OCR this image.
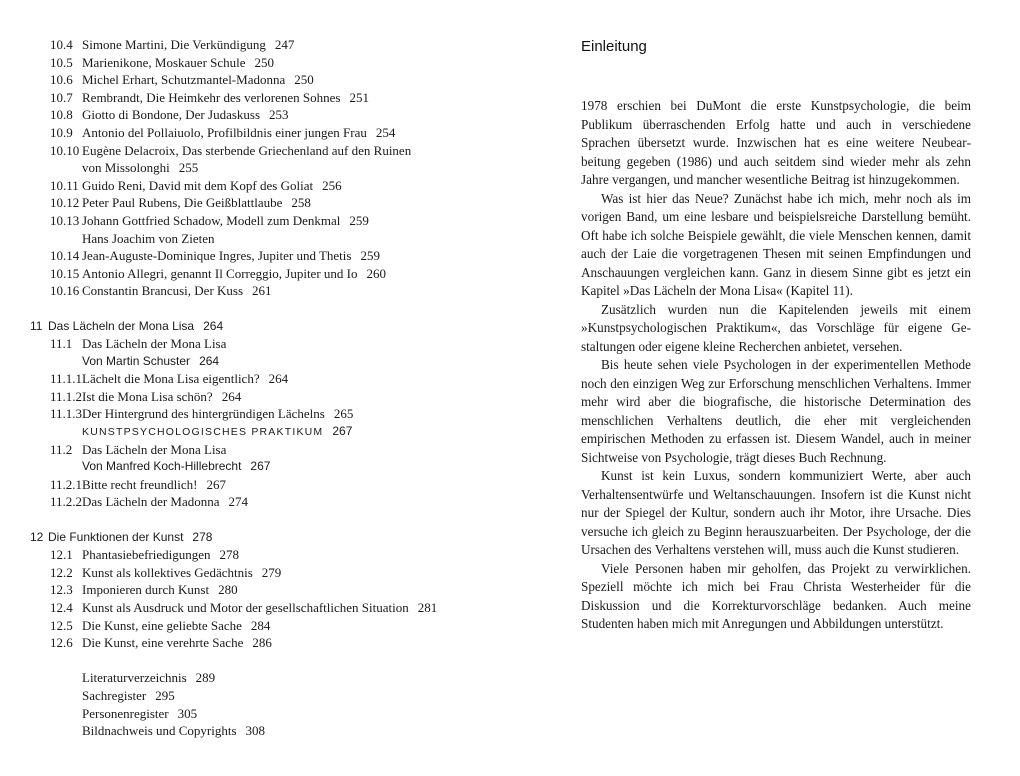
10.4 Simone Martini, Die Verkündigung 247
10.5 Marienikone, Moskauer Schule 250
10.6 Michel Erhart, Schutzmantel-Madonna 250
10.7 Rembrandt, Die Heimkehr des verlorenen Sohnes 251
10.8 Giotto di Bondone, Der Judaskuss 253
10.9 Antonio del Pollaiuolo, Profilbildnis einer jungen Frau 254
10.10 Eugène Delacroix, Das sterbende Griechenland auf den Ruinen
von Missolonghi 255
10.11 Guido Reni, David mit dem Kopf des Goliat 256
10.12 Peter Paul Rubens, Die Geißblattlaube 258
10.13 Johann Gottfried Schadow, Modell zum Denkmal 259
Hans Joachim von Zieten
10.14 Jean-Auguste-Dominique Ingres, Jupiter und Thetis 259
10.15 Antonio Allegri, genannt Il Correggio, Jupiter und Io 260
10.16 Constantin Brancusi, Der Kuss 261
11 Das Lächeln der Mona Lisa 264
11.1 Das Lächeln der Mona Lisa
Von Martin Schuster 264
11.1.1 Lächelt die Mona Lisa eigentlich? 264
11.1.2 Ist die Mona Lisa schön? 264
11.1.3 Der Hintergrund des hintergründigen Lächelns 265
KUNSTPSYCHOLOGISCHES PRAKTIKUM 267
11.2 Das Lächeln der Mona Lisa
Von Manfred Koch-Hillebrecht 267
11.2.1 Bitte recht freundlich! 267
11.2.2 Das Lächeln der Madonna 274
12 Die Funktionen der Kunst 278
12.1 Phantasiebefriedigungen 278
12.2 Kunst als kollektives Gedächtnis 279
12.3 Imponieren durch Kunst 280
12.4 Kunst als Ausdruck und Motor der gesellschaftlichen Situation 281
12.5 Die Kunst, eine geliebte Sache 284
12.6 Die Kunst, eine verehrte Sache 286
Literaturverzeichnis 289
Sachregister 295
Personenregister 305
Bildnachweis und Copyrights 308
Einleitung

1978 erschien bei DuMont die erste Kunstpsychologie, die beim Publikum überraschenden Erfolg hatte und auch in verschiedene Sprachen übersetzt wurde. Inzwischen hat es eine weitere Neubearbeitung gegeben (1986) und auch seitdem sind wieder mehr als zehn Jahre vergangen, und mancher wesentliche Beitrag ist hinzugekommen.

Was ist hier das Neue? Zunächst habe ich mich, mehr noch als im vorigen Band, um eine lesbare und beispielsreiche Darstellung bemüht. Oft habe ich solche Beispiele gewählt, die viele Menschen kennen, damit auch der Laie die vorgetragenen Thesen mit seinen Empfindungen und Anschauungen vergleichen kann. Ganz in diesem Sinne gibt es jetzt ein Kapitel »Das Lächeln der Mona Lisa« (Kapitel 11).

Zusätzlich wurden nun die Kapitelenden jeweils mit einem »Kunstpsychologischen Praktikum«, das Vorschläge für eigene Gestaltungen oder eigene kleine Recherchen anbietet, versehen.

Bis heute sehen viele Psychologen in der experimentellen Methode noch den einzigen Weg zur Erforschung menschlichen Verhaltens. Immer mehr wird aber die biografische, die historische Determination des menschlichen Verhaltens deutlich, die eher mit vergleichenden empirischen Methoden zu erfassen ist. Diesem Wandel, auch in meiner Sichtweise von Psychologie, trägt dieses Buch Rechnung.

Kunst ist kein Luxus, sondern kommuniziert Werte, aber auch Verhaltensentwürfe und Weltanschauungen. Insofern ist die Kunst nicht nur der Spiegel der Kultur, sondern auch ihr Motor, ihre Ursache. Dies versuche ich gleich zu Beginn herauszuarbeiten. Der Psychologe, der die Ursachen des Verhaltens verstehen will, muss auch die Kunst studieren.

Viele Personen haben mir geholfen, das Projekt zu verwirklichen. Speziell möchte ich mich bei Frau Christa Westerheider für die Diskussion und die Korrekturvorschläge bedanken. Auch meine Studenten haben mich mit Anregungen und Abbildungen unterstützt.
